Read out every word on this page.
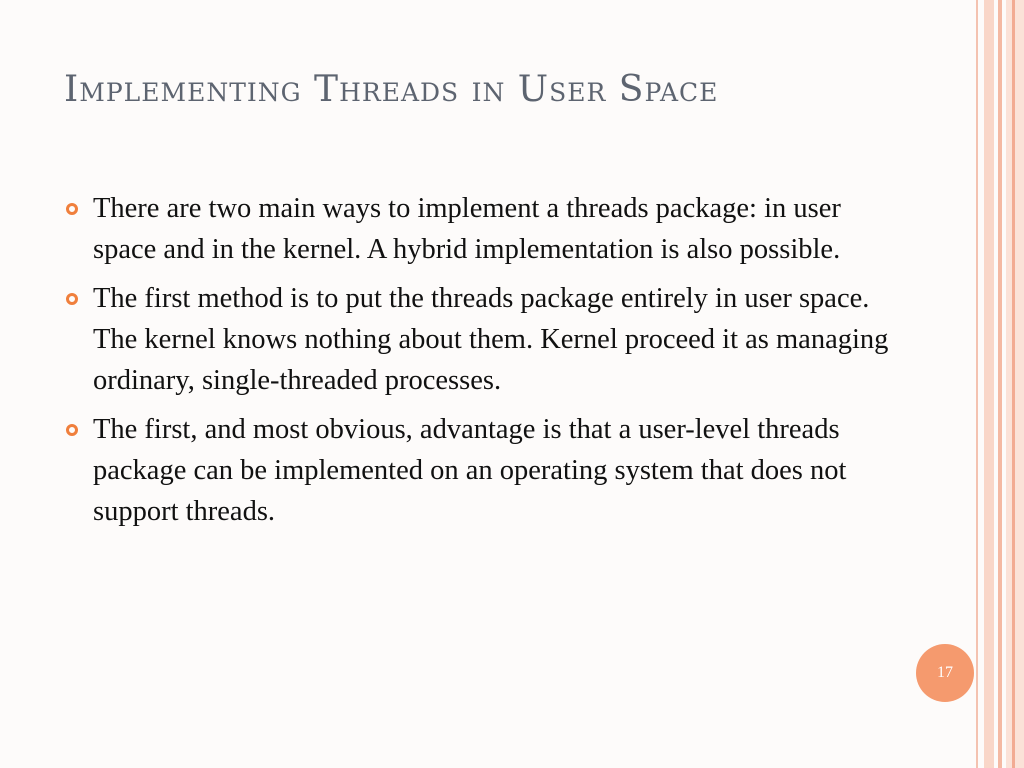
Implementing Threads in User Space
There are two main ways to implement a threads package: in user space and in the kernel. A hybrid implementation is also possible.
The first method is to put the threads package entirely in user space. The kernel knows nothing about them. Kernel proceed it as managing ordinary, single-threaded processes.
The first, and most obvious, advantage is that a user-level threads package can be implemented on an operating system that does not support threads.
17
